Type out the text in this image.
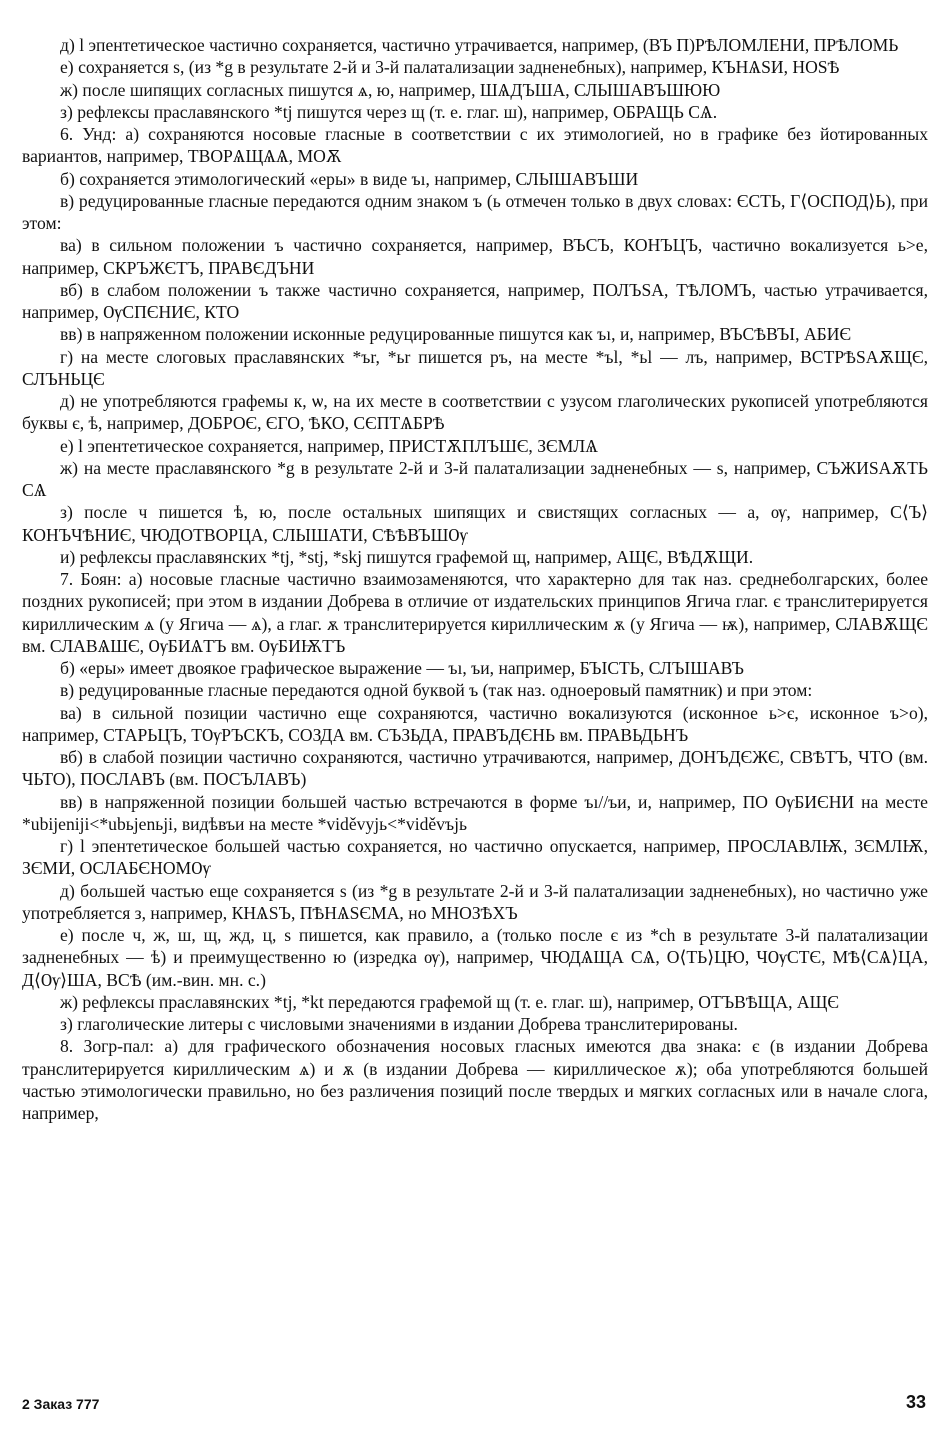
д) l эпентетическое частично сохраняется, частично утрачивается, например, (ВЪ П)РѢЛОМЛЕНИ, ПРѢЛОМЬ

е) сохраняется ѕ, (из *g в результате 2-й и 3-й палатализации задненебных), например, КЪНѦЅИ, НОЅѢ

ж) после шипящих согласных пишутся ѧ, ю, например, ШѦДЪША, СЛЫШАВЪШЮЮ

з) рефлексы праславянского *tj пишутся через щ (т. е. глаг. ш), например, ОБРАЩЬ СѦ.

6. Унд: а) сохраняются носовые гласные в соответствии с их этимологией, но в графике без йотированных вариантов, например, ТВОРѦЩѦѦ, МОѪ

б) сохраняется этимологический «еры» в виде ъı, например, СЛЫШАВЪШИ

в) редуцированные гласные передаются одним знаком ъ (ь отмечен только в двух словах: ЄСТЬ, Г⟨ОСПОД⟩Ь), при этом:

ва) в сильном положении ъ частично сохраняется, например, ВЪСЪ, КОНЪЦЪ, частично вокализуется ь>е, например, СКРЪЖЄТЪ, ПРАВЄДЪНИ

вб) в слабом положении ъ также частично сохраняется, например, ПОЛЪЅА, ТѢЛОМЪ, частью утрачивается, например, ѸСПЄНИЄ, КТО

вв) в напряженном положении исконные редуцированные пишутся как ъı, и, например, ВЪСѢВЪI, АБИЄ

г) на месте слоговых праславянских *ъr, *ьr пишется ръ, на месте *ъl, *ьl — лъ, например, ВСТРѢЅАѪЩЄ, СЛЪНЬЦЄ

д) не употребляются графемы к, ѡ, на их месте в соответствии с узусом глаголических рукописей употребляются буквы є, ѣ, например, ДОБРОЄ, ЄГО, ѢКО, СЄПТѦБРѢ

е) l эпентетическое сохраняется, например, ПРИСТѪПЛЪШЄ, ЗЄМЛѦ

ж) на месте праславянского *g в результате 2-й и 3-й палатализации задненебных — ѕ, например, СЪЖИЅАѪТЬ СѦ

з) после ч пишется ѣ, ю, после остальных шипящих и свистящих согласных — а, ѹ, например, С⟨Ъ⟩КОНЪЧѢНИЄ, ЧЮДОТВОРЦА, СЛЫШАТИ, СѢѢВЪШѸ

и) рефлексы праславянских *tj, *stj, *skj пишутся графемой щ, например, АЩЄ, ВѢДѪЩИ.

7. Боян: а) носовые гласные частично взаимозаменяются, что характерно для так наз. среднеболгарских, более поздних рукописей; при этом в издании Добрева в отличие от издательских принципов Ягича глаг. є транслитерируется кириллическим ѧ (у Ягича — ѧ), а глаг. ѫ транслитерируется кириллическим ѫ (у Ягича — ѭ), например, СЛАВѪЩЄ вм. СЛАВѦШЄ, ѸБИѦТЪ вм. ѸБИѬТЪ

б) «еры» имеет двоякое графическое выражение — ъı, ъи, например, БЪIСТЬ, СЛЪIШАВЪ

в) редуцированные гласные передаются одной буквой ъ (так наз. одноеровый памятник) и при этом:

ва) в сильной позиции частично еще сохраняются, частично вокализуются (исконное ь>є, исконное ъ>о), например, СТАРЬЦЪ, ТѸРЪСКЪ, СОЗДА вм. СЪЗЬДА, ПРАВЪДЄНЬ вм. ПРАВЬДЬНЪ

вб) в слабой позиции частично сохраняются, частично утрачиваются, например, ДОНЪДЄЖЄ, СВѢТЪ, ЧТО (вм. ЧЬТО), ПОСЛАВЪ (вм. ПОСЪЛАВЪ)

вв) в напряженной позиции большей частью встречаются в форме ъı//ъи, и, например, ПО ѸБИЄНИ на месте *ubijeniji<*ubьjenьji, видѣвъи на месте *viděvyjь<*viděvъjь

г) l эпентетическое большей частью сохраняется, но частично опускается, например, ПРОСЛАВЛѬ, ЗЄМЛѬ, ЗЄМИ, ОСЛАБЄНОМѸ

д) большей частью еще сохраняется ѕ (из *g в результате 2-й и 3-й палатализации задненебных), но частично уже употребляется з, например, КНѦЅЪ, ПѢНѦЅЄМА, но МНОЗѢХЪ

е) после ч, ж, ш, щ, жд, ц, ѕ пишется, как правило, а (только после є из *ch в результате 3-й палатализации задненебных — ѣ) и преимущественно ю (изредка ѹ), например, ЧЮДѦЩА СѦ, О⟨ТЬ⟩ЦЮ, ЧѸСТЄ, МѢ⟨СѦ⟩ЦА, Д⟨Ѹ⟩ША, ВСѢ (им.-вин. мн. с.)

ж) рефлексы праславянских *tj, *kt передаются графемой щ (т. е. глаг. ш), например, ОТЪВѢЩА, АЩЄ

з) глаголические литеры с числовыми значениями в издании Добрева транслитерированы.

8. Зогр-пал: а) для графического обозначения носовых гласных имеются два знака: є (в издании Добрева транслитерируется кириллическим ѧ) и ѫ (в издании Добрева — кириллическое ѫ); оба употребляются большей частью этимологически правильно, но без различения позиций после твердых и мягких согласных или в начале слога, например,

2 Заказ 777	33
